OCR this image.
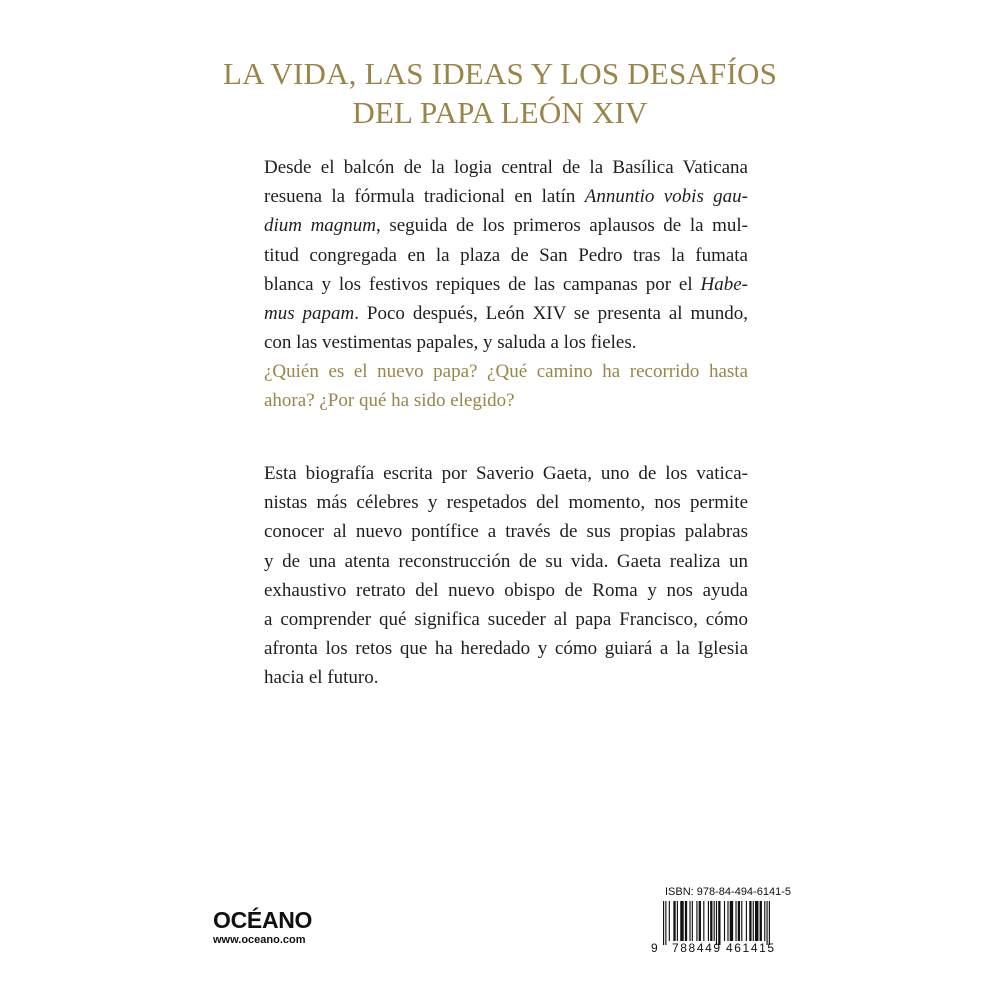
LA VIDA, LAS IDEAS Y LOS DESAFÍOS
DEL PAPA LEÓN XIV

Desde el balcón de la logia central de la Basílica Vaticana
resuena la fórmula tradicional en latín Annuntio vobis gau-
dium magnum, seguida de los primeros aplausos de la mul-
titud congregada en la plaza de San Pedro tras la fumata
blanca y los festivos repiques de las campanas por el Habe-
mus papam. Poco después, León XIV se presenta al mundo,
con las vestimentas papales, y saluda a los fieles.

¿Quién es el nuevo papa? ¿Qué camino ha recorrido hasta
ahora? ¿Por qué ha sido elegido?

Esta biografía escrita por Saverio Gaeta, uno de los vatica-
nistas más célebres y respetados del momento, nos permite
conocer al nuevo pontífice a través de sus propias palabras
y de una atenta reconstrucción de su vida. Gaeta realiza un
exhaustivo retrato del nuevo obispo de Roma y nos ayuda
a comprender qué significa suceder al papa Francisco, cómo
afronta los retos que ha heredado y cómo guiará a la Iglesia
hacia el futuro.

OCÉANO
www.oceano.com
ISBN: 978-84-494-6141-5
9 788449 461415
